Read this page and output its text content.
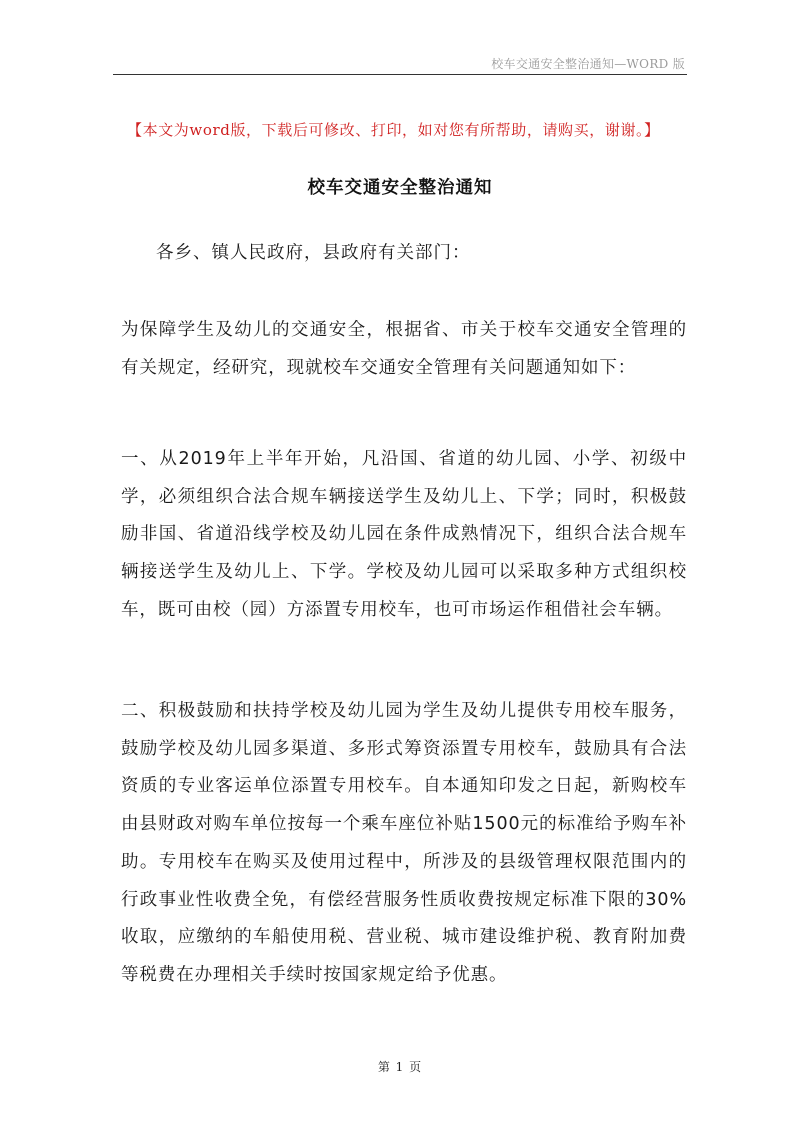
校车交通安全整治通知—WORD 版
【本文为word版，下载后可修改、打印，如对您有所帮助，请购买，谢谢。】
校车交通安全整治通知
各乡、镇人民政府，县政府有关部门：

为保障学生及幼儿的交通安全，根据省、市关于校车交通安全管理的有关规定，经研究，现就校车交通安全管理有关问题通知如下：

一、从2019年上半年开始，凡沿国、省道的幼儿园、小学、初级中学，必须组织合法合规车辆接送学生及幼儿上、下学；同时，积极鼓励非国、省道沿线学校及幼儿园在条件成熟情况下，组织合法合规车辆接送学生及幼儿上、下学。学校及幼儿园可以采取多种方式组织校车，既可由校（园）方添置专用校车，也可市场运作租借社会车辆。

二、积极鼓励和扶持学校及幼儿园为学生及幼儿提供专用校车服务，鼓励学校及幼儿园多渠道、多形式筹资添置专用校车，鼓励具有合法资质的专业客运单位添置专用校车。自本通知印发之日起，新购校车由县财政对购车单位按每一个乘车座位补贴1500元的标准给予购车补助。专用校车在购买及使用过程中，所涉及的县级管理权限范围内的行政事业性收费全免，有偿经营服务性质收费按规定标准下限的30%收取，应缴纳的车船使用税、营业税、城市建设维护税、教育附加费等税费在办理相关手续时按国家规定给予优惠。

第 1 页
